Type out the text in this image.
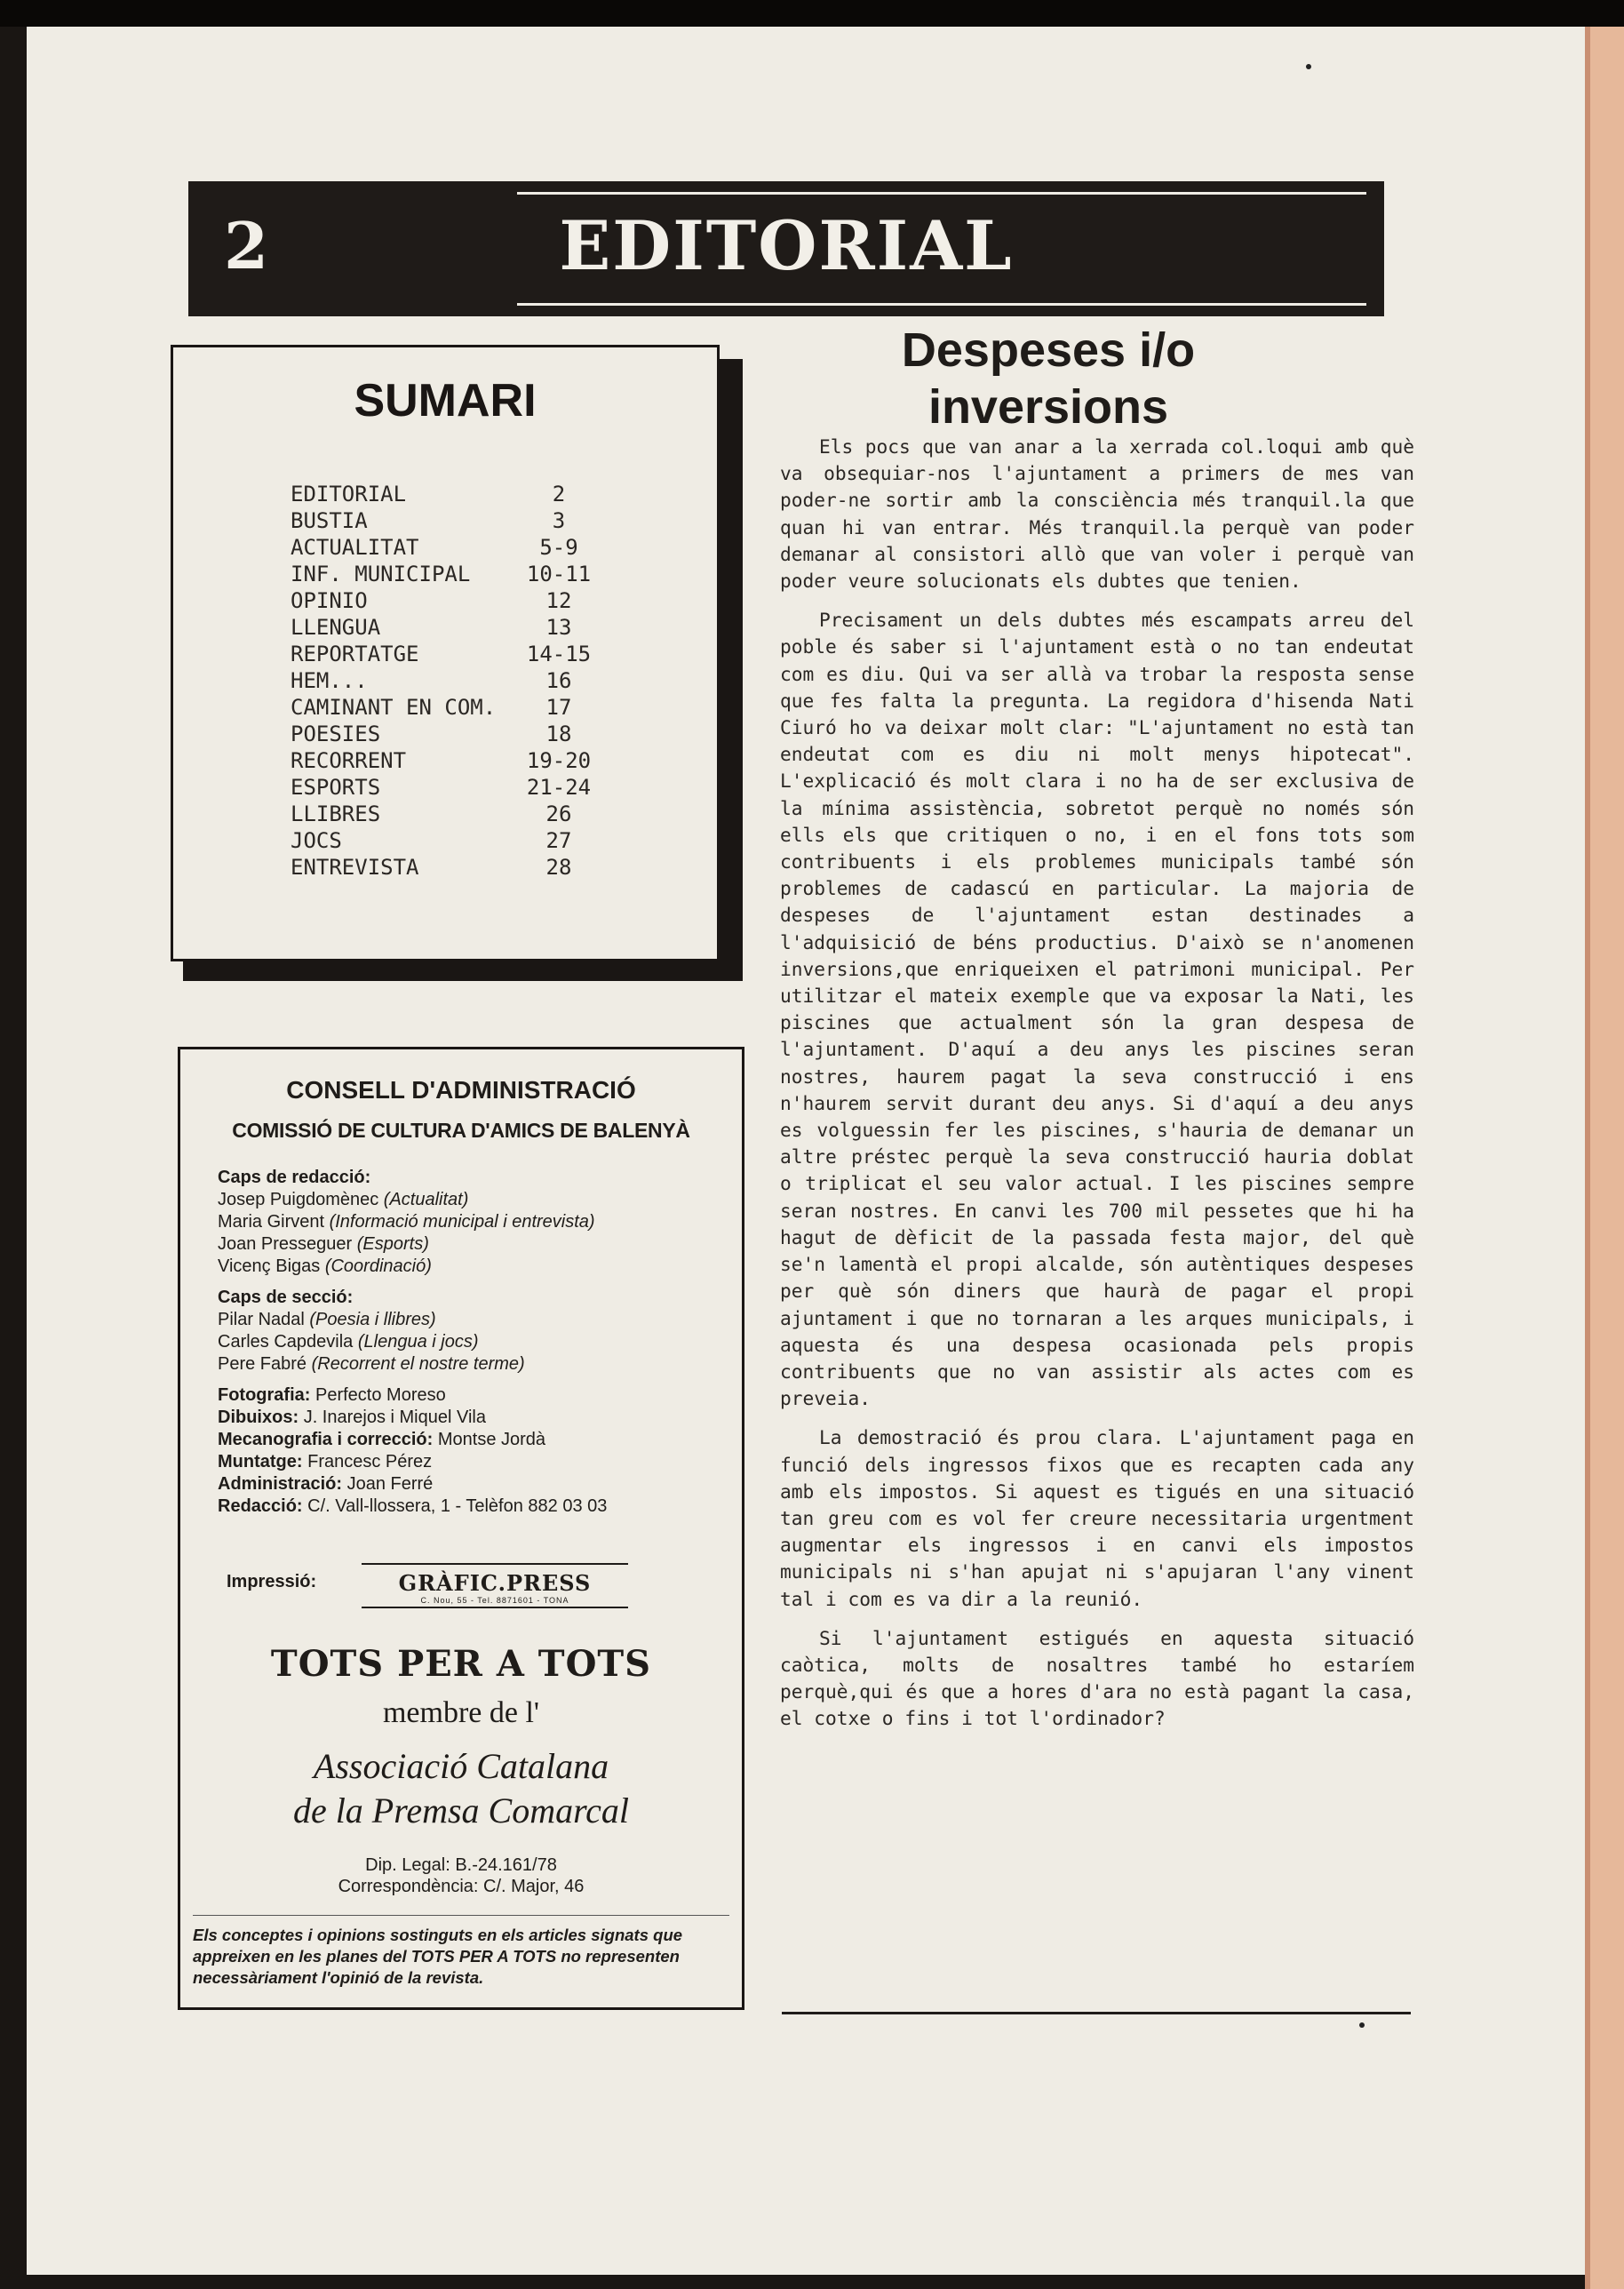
2	EDITORIAL
SUMARI
EDITORIAL	2
BUSTIA	3
ACTUALITAT	5-9
INF. MUNICIPAL	10-11
OPINIO	12
LLENGUA	13
REPORTATGE	14-15
HEM...	16
CAMINANT EN COM.	17
POESIES	18
RECORRENT	19-20
ESPORTS	21-24
LLIBRES	26
JOCS	27
ENTREVISTA	28
CONSELL D'ADMINISTRACIÓ
COMISSIÓ DE CULTURA D'AMICS DE BALENYÀ
Caps de redacció:
Josep Puigdomènec (Actualitat)
Maria Girvent (Informació municipal i entrevista)
Joan Presseguer (Esports)
Vicenç Bigas (Coordinació)
Caps de secció:
Pilar Nadal (Poesia i llibres)
Carles Capdevila (Llengua i jocs)
Pere Fabré (Recorrent el nostre terme)
Fotografia: Perfecto Moreso
Dibuixos: J. Inarejos i Miquel Vila
Mecanografia i correcció: Montse Jordà
Muntatge: Francesc Pérez
Administració: Joan Ferré
Redacció: C/. Vall-llossera, 1 - Telèfon 882 03 03
Impressió:	GRÀFIC.PRESS
C. Nou, 55 - Tel. 8871601 - TONA
TOTS PER A TOTS
membre de l'
Associació Catalana
de la Premsa Comarcal
Dip. Legal: B.-24.161/78
Correspondència: C/. Major, 46
Els conceptes i opinions sostinguts en els articles signats que appreixen en les planes del TOTS PER A TOTS no representen necessàriament l'opinió de la revista.
Despeses i/o
inversions

Els pocs que van anar a la xerrada col.loqui amb què va obsequiar-nos l'ajuntament a primers de mes van poder-ne sortir amb la consciència més tranquil.la que quan hi van entrar. Més tranquil.la perquè van poder demanar al consistori allò que van voler i perquè van poder veure solucionats els dubtes que tenien.

Precisament un dels dubtes més escampats arreu del poble és saber si l'ajuntament està o no tan endeutat com es diu. Qui va ser allà va trobar la resposta sense que fes falta la pregunta. La regidora d'hisenda Nati Ciuró ho va deixar molt clar: "L'ajuntament no està tan endeutat com es diu ni molt menys hipotecat". L'explicació és molt clara i no ha de ser exclusiva de la mínima assistència, sobretot perquè no només són ells els que critiquen o no, i en el fons tots som contribuents i els problemes municipals també són problemes de cadascú en particular. La majoria de despeses de l'ajuntament estan destinades a l'adquisició de béns productius. D'això se n'anomenen inversions,que enriqueixen el patrimoni municipal. Per utilitzar el mateix exemple que va exposar la Nati, les piscines que actualment són la gran despesa de l'ajuntament. D'aquí a deu anys les piscines seran nostres, haurem pagat la seva construcció i ens n'haurem servit durant deu anys. Si d'aquí a deu anys es volguessin fer les piscines, s'hauria de demanar un altre préstec perquè la seva construcció hauria doblat o triplicat el seu valor actual. I les piscines sempre seran nostres. En canvi les 700 mil pessetes que hi ha hagut de dèficit de la passada festa major, del què se'n lamentà el propi alcalde, són autèntiques despeses per què són diners que haurà de pagar el propi ajuntament i que no tornaran a les arques municipals, i aquesta és una despesa ocasionada pels propis contribuents que no van assistir als actes com es preveia.

La demostració és prou clara. L'ajuntament paga en funció dels ingressos fixos que es recapten cada any amb els impostos. Si aquest es tigués en una situació tan greu com es vol fer creure necessitaria urgentment augmentar els ingressos i en canvi els impostos municipals ni s'han apujat ni s'apujaran l'any vinent tal i com es va dir a la reunió.

Si l'ajuntament estigués en aquesta situació caòtica, molts de nosaltres també ho estaríem perquè,qui és que a hores d'ara no està pagant la casa, el cotxe o fins i tot l'ordinador?
